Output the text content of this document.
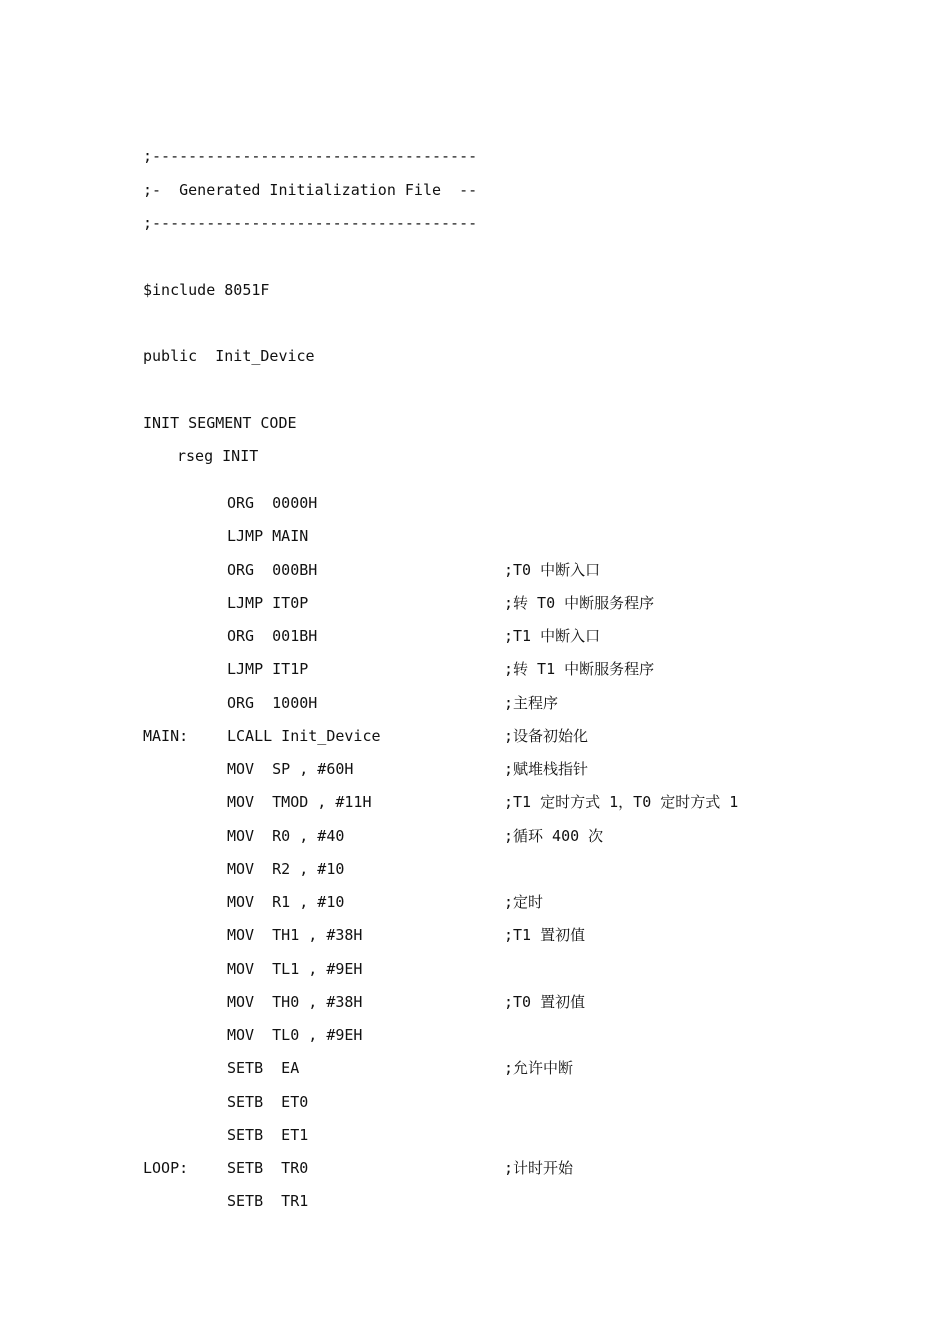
;------------------------------------

;-  Generated Initialization File  --

;------------------------------------

$include 8051F

public  Init_Device

INIT SEGMENT CODE

rseg INIT

ORG  0000H
LJMP MAIN
ORG  000BH	;T0 中断入口
LJMP IT0P	;转 T0 中断服务程序
ORG  001BH	;T1 中断入口
LJMP IT1P	;转 T1 中断服务程序
ORG  1000H	;主程序
MAIN:	LCALL Init_Device	;设备初始化
MOV  SP , #60H	;赋堆栈指针
MOV  TMOD , #11H	;T1 定时方式 1，T0 定时方式 1
MOV  R0 , #40	;循环 400 次
MOV  R2 , #10
MOV  R1 , #10	;定时
MOV  TH1 , #38H	;T1 置初值
MOV  TL1 , #9EH
MOV  TH0 , #38H	;T0 置初值
MOV  TL0 , #9EH
SETB  EA	;允许中断
SETB  ET0
SETB  ET1
LOOP:	SETB  TR0	;计时开始
SETB  TR1
